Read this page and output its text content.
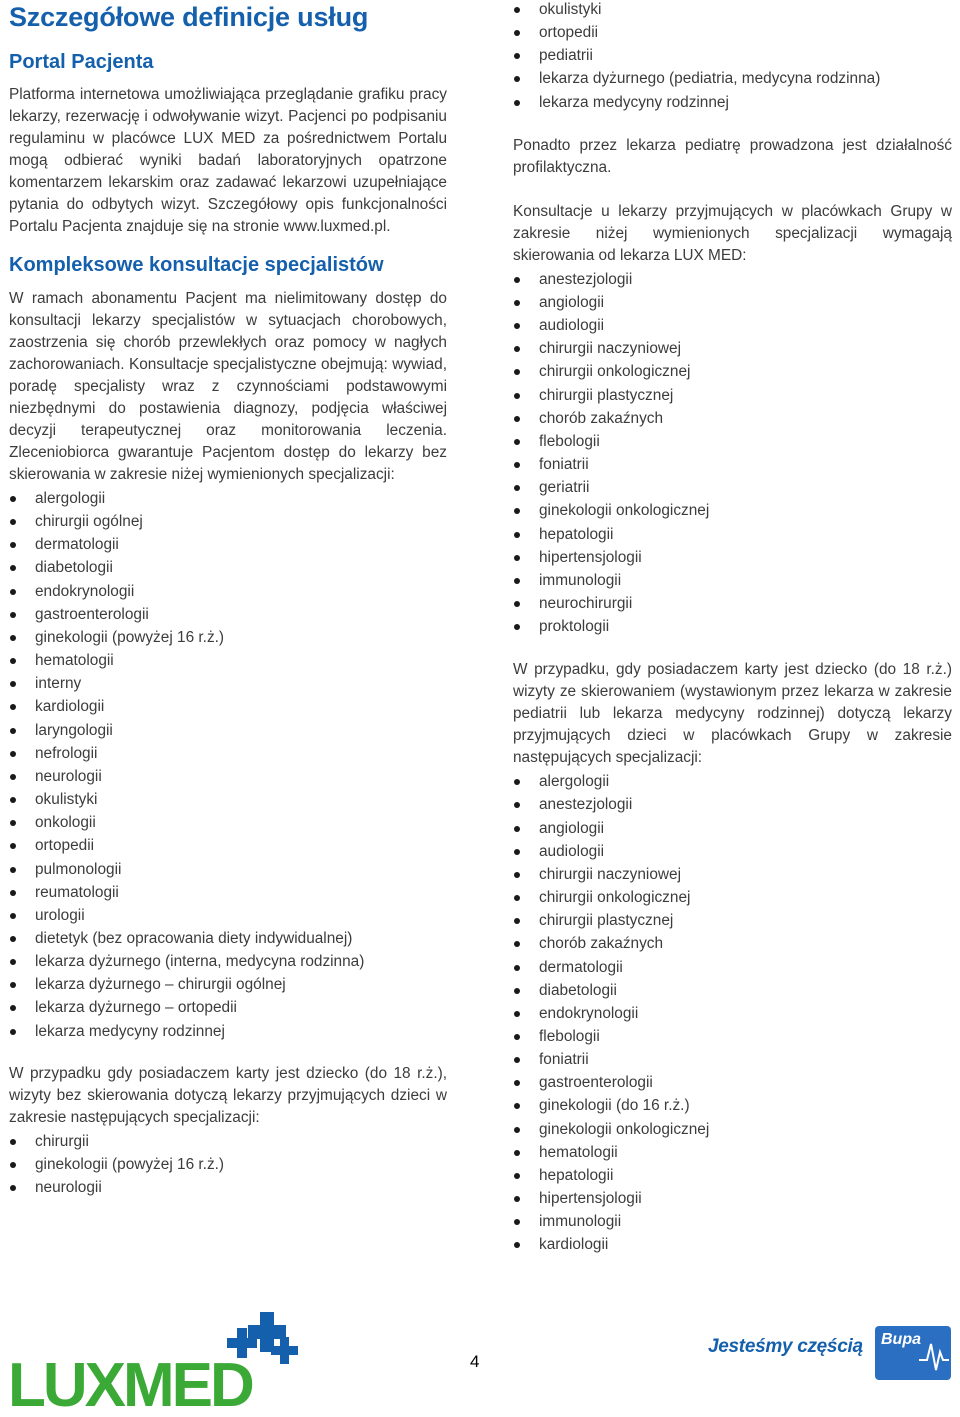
Szczegółowe definicje usług
Portal Pacjenta

Platforma internetowa umożliwiająca przeglądanie grafiku pracy lekarzy, rezerwację i odwoływanie wizyt. Pacjenci po podpisaniu regulaminu w placówce LUX MED za pośrednictwem Portalu mogą odbierać wyniki badań laboratoryjnych opatrzone komentarzem lekarskim oraz zadawać lekarzowi uzupełniające pytania do odbytych wizyt. Szczegółowy opis funkcjonalności Portalu Pacjenta znajduje się na stronie www.luxmed.pl.

Kompleksowe konsultacje specjalistów

W ramach abonamentu Pacjent ma nielimitowany dostęp do konsultacji lekarzy specjalistów w sytuacjach chorobowych, zaostrzenia się chorób przewlekłych oraz pomocy w nagłych zachorowaniach. Konsultacje specjalistyczne obejmują: wywiad, poradę specjalisty wraz z czynnościami podstawowymi niezbędnymi do postawienia diagnozy, podjęcia właściwej decyzji terapeutycznej oraz monitorowania leczenia. Zleceniobiorca gwarantuje Pacjentom dostęp do lekarzy bez skierowania w zakresie niżej wymienionych specjalizacji:

alergologii
chirurgii ogólnej
dermatologii
diabetologii
endokrynologii
gastroenterologii
ginekologii (powyżej 16 r.ż.)
hematologii
interny
kardiologii
laryngologii
nefrologii
neurologii
okulistyki
onkologii
ortopedii
pulmonologii
reumatologii
urologii
dietetyk (bez opracowania diety indywidualnej)
lekarza dyżurnego (interna, medycyna rodzinna)
lekarza dyżurnego – chirurgii ogólnej
lekarza dyżurnego – ortopedii
lekarza medycyny rodzinnej

W przypadku gdy posiadaczem karty jest dziecko (do 18 r.ż.), wizyty bez skierowania dotyczą lekarzy przyjmujących dzieci w zakresie następujących specjalizacji:

chirurgii
ginekologii (powyżej 16 r.ż.)
neurologii
okulistyki
ortopedii
pediatrii
lekarza dyżurnego (pediatria, medycyna rodzinna)
lekarza medycyny rodzinnej

Ponadto przez lekarza pediatrę prowadzona jest działalność profilaktyczna.

Konsultacje u lekarzy przyjmujących w placówkach Grupy w zakresie niżej wymienionych specjalizacji wymagają skierowania od lekarza LUX MED:

anestezjologii
angiologii
audiologii
chirurgii naczyniowej
chirurgii onkologicznej
chirurgii plastycznej
chorób zakaźnych
flebologii
foniatrii
geriatrii
ginekologii onkologicznej
hepatologii
hipertensjologii
immunologii
neurochirurgii
proktologii

W przypadku, gdy posiadaczem karty jest dziecko (do 18 r.ż.) wizyty ze skierowaniem (wystawionym przez lekarza w zakresie pediatrii lub lekarza medycyny rodzinnej) dotyczą lekarzy przyjmujących dzieci w placówkach Grupy w zakresie następujących specjalizacji:

alergologii
anestezjologii
angiologii
audiologii
chirurgii naczyniowej
chirurgii onkologicznej
chirurgii plastycznej
chorób zakaźnych
dermatologii
diabetologii
endokrynologii
flebologii
foniatrii
gastroenterologii
ginekologii (do 16 r.ż.)
ginekologii onkologicznej
hematologii
hepatologii
hipertensjologii
immunologii
kardiologii
LUXMED	4
Jesteśmy częścią Bupa
